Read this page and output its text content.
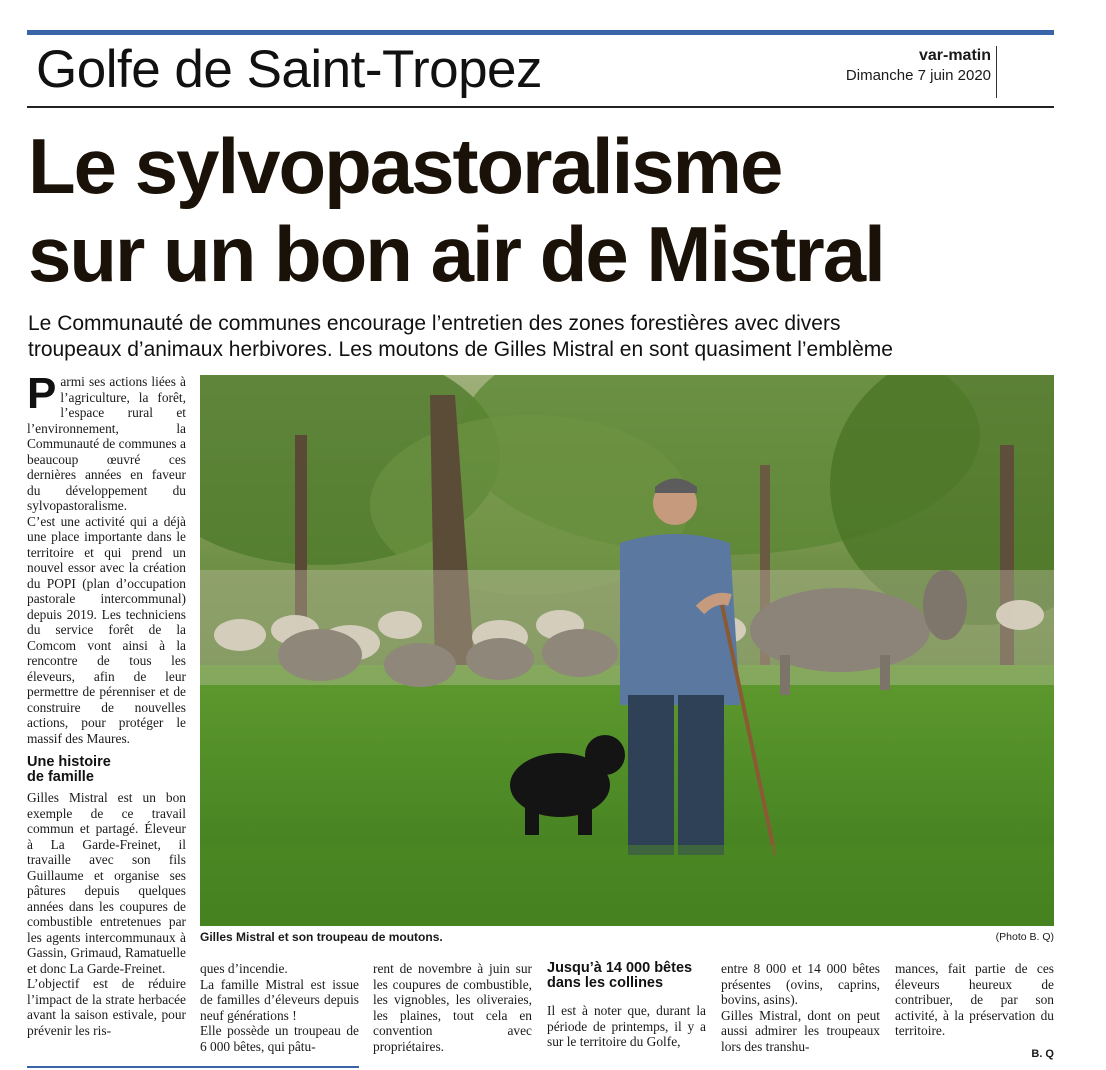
Golfe de Saint-Tropez	var-matin
Dimanche 7 juin 2020
Le sylvopastoralisme
sur un bon air de Mistral
Le Communauté de communes encourage l’entretien des zones forestières avec divers
troupeaux d’animaux herbivores. Les moutons de Gilles Mistral en sont quasiment l’emblème

Parmi ses actions liées à l’agriculture, la forêt, l’espace rural et l’environnement, la Communauté de communes a beaucoup œuvré ces dernières années en faveur du développement du sylvopastoralisme.

C’est une activité qui a déjà une place importante dans le territoire et qui prend un nouvel essor avec la création du POPI (plan d’occupation pastorale intercommunal) depuis 2019. Les techniciens du service forêt de la Comcom vont ainsi à la rencontre de tous les éleveurs, afin de leur permettre de pérenniser et de construire de nouvelles actions, pour protéger le massif des Maures.

Une histoire
de famille

Gilles Mistral est un bon exemple de ce travail commun et partagé. Éleveur à La Garde-Freinet, il travaille avec son fils Guillaume et organise ses pâtures depuis quelques années dans les coupures de combustible entretenues par les agents intercommunaux à Gassin, Grimaud, Ramatuelle et donc La Garde-Freinet.

L’objectif est de réduire l’impact de la strate herbacée avant la saison estivale, pour prévenir les ris-

Gilles Mistral et son troupeau de moutons.	(Photo B. Q)

ques d’incendie.

La famille Mistral est issue de familles d’éleveurs depuis neuf générations !

Elle possède un troupeau de 6 000 bêtes, qui pâtu-

rent de novembre à juin sur les coupures de combustible, les vignobles, les oliveraies, les plaines, tout cela en convention avec propriétaires.

Jusqu’à 14 000 bêtes
dans les collines

Il est à noter que, durant la période de printemps, il y a sur le territoire du Golfe,

entre 8 000 et 14 000 bêtes présentes (ovins, caprins, bovins, asins).

Gilles Mistral, dont on peut aussi admirer les troupeaux lors des transhu-

mances, fait partie de ces éleveurs heureux de contribuer, de par son activité, à la préservation du territoire.

B. Q
